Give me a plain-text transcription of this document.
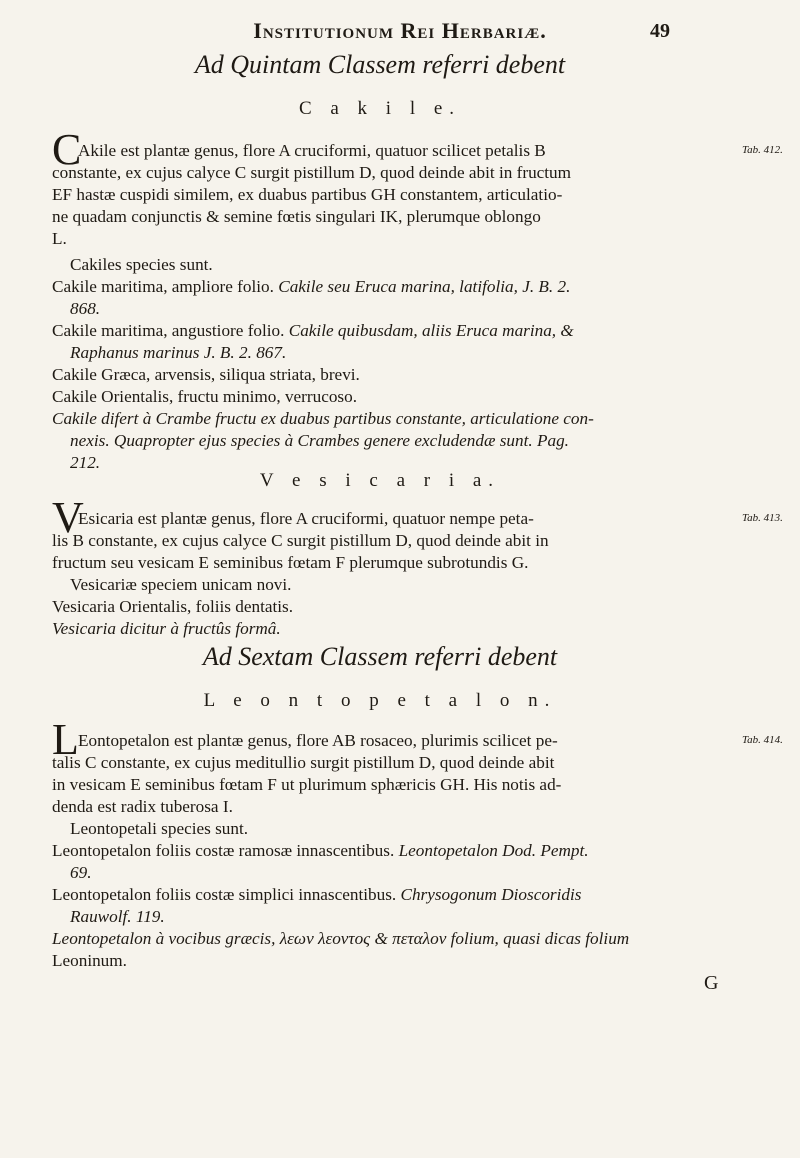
Institutionum Rei Herbariæ.	49
Ad Quintam Classem referri debent
C a k i l e.
C
Akile est plantæ genus, flore A cruciformi, quatuor scilicet petalis B
constante, ex cujus calyce C surgit pistillum D, quod deinde abit in fructum
EF hastæ cuspidi similem, ex duabus partibus GH constantem, articulatio-
ne quadam conjunctis & semine fœtis singulari IK, plerumque oblongo
L.
Tab. 412.
Cakiles species sunt.
Cakile maritima, ampliore folio. Cakile seu Eruca marina, latifolia, J. B. 2.
868.
Cakile maritima, angustiore folio. Cakile quibusdam, aliis Eruca marina, &
Raphanus marinus J. B. 2. 867.
Cakile Græca, arvensis, siliqua striata, brevi.
Cakile Orientalis, fructu minimo, verrucoso.
Cakile difert à Crambe fructu ex duabus partibus constante, articulatione con-
nexis. Quapropter ejus species à Crambes genere excludendæ sunt. Pag.
212.
V e s i c a r i a.
V
Esicaria est plantæ genus, flore A cruciformi, quatuor nempe peta-
lis B constante, ex cujus calyce C surgit pistillum D, quod deinde abit in
fructum seu vesicam E seminibus fœtam F plerumque subrotundis G.
Tab. 413.
Vesicariæ speciem unicam novi.
Vesicaria Orientalis, foliis dentatis.
Vesicaria dicitur à fructûs formâ.
Ad Sextam Classem referri debent
L e o n t o p e t a l o n.
L Eontopetalon est plantæ genus, flore AB rosaceo, plurimis scilicet pe-
talis C constante, ex cujus meditullio surgit pistillum D, quod deinde abit
in vesicam E seminibus fœtam F ut plurimum sphæricis GH. His notis ad-
denda est radix tuberosa I.
Tab. 414.
Leontopetali species sunt.
Leontopetalon foliis costæ ramosæ innascentibus. Leontopetalon Dod. Pempt.
69.
Leontopetalon foliis costæ simplici innascentibus. Chrysogonum Dioscoridis
Rauwolf. 119.
Leontopetalon à vocibus græcis, λεων λεοντος & πεταλον folium, quasi dicas folium
Leoninum.
G
